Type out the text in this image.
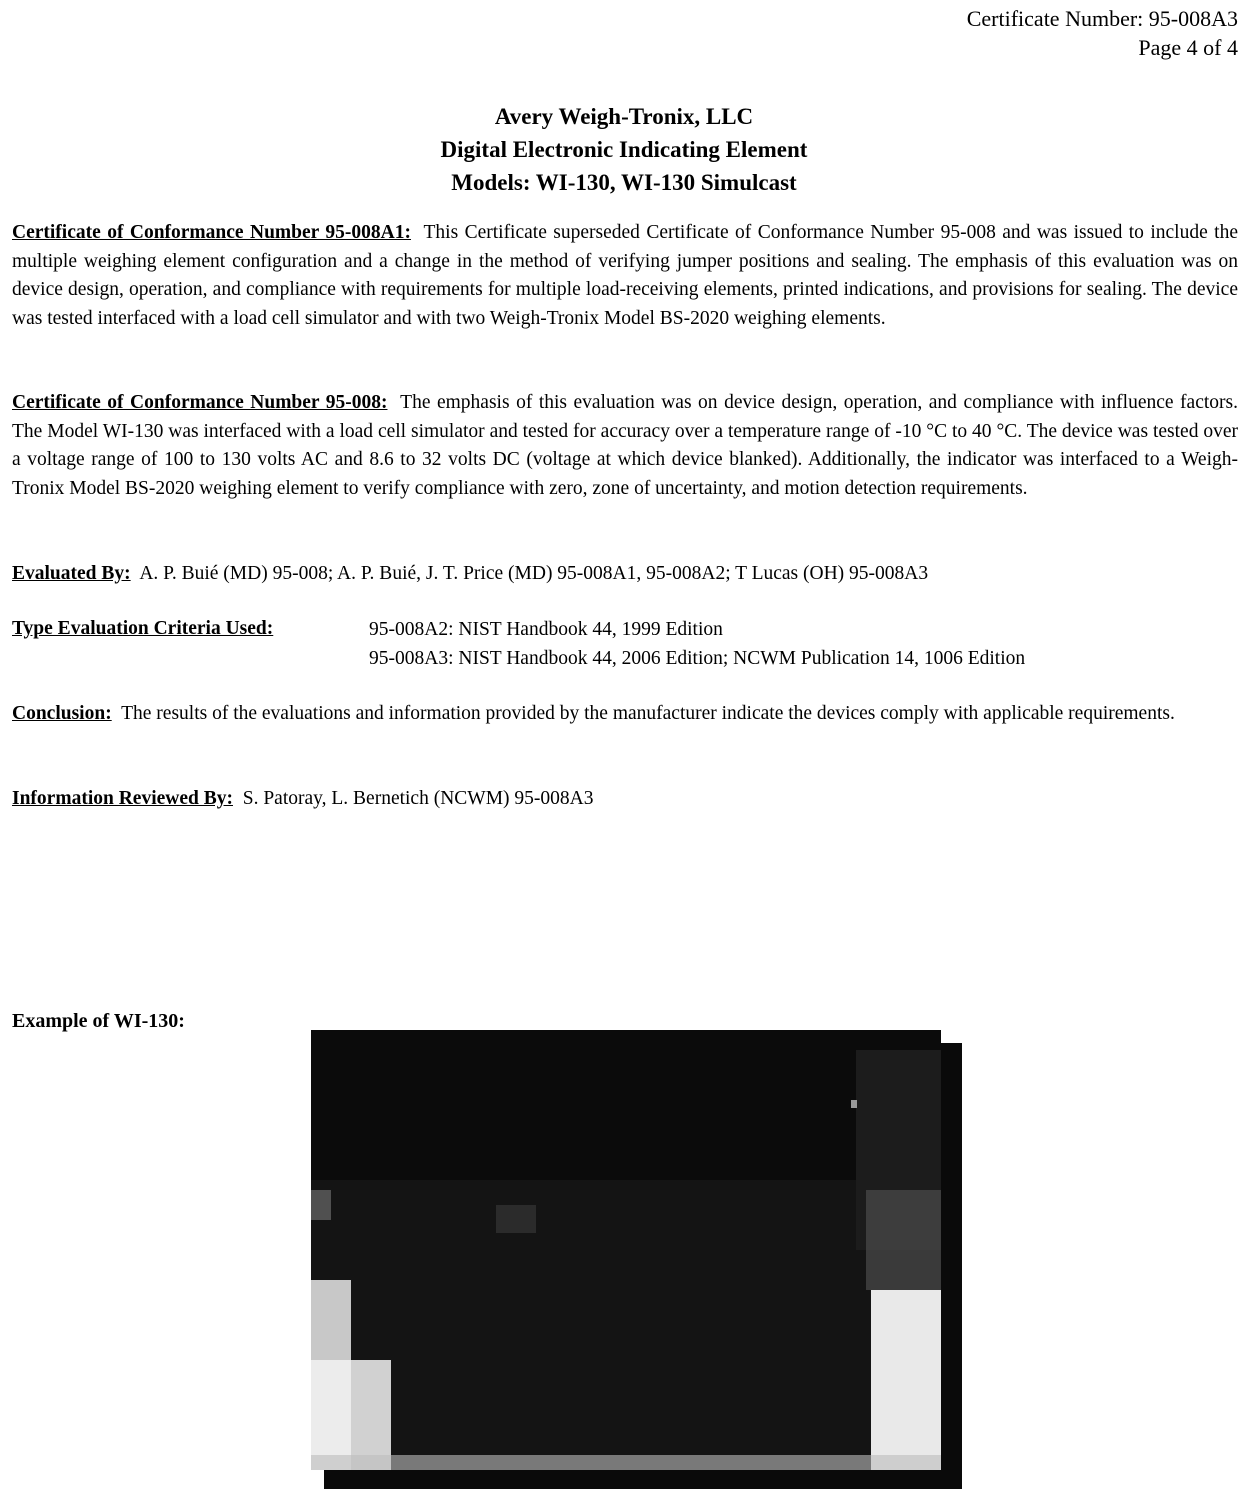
Certificate Number: 95-008A3
Page 4 of 4
Avery Weigh-Tronix, LLC
Digital Electronic Indicating Element
Models: WI-130, WI-130 Simulcast
Certificate of Conformance Number 95-008A1: This Certificate superseded Certificate of Conformance Number 95-008 and was issued to include the multiple weighing element configuration and a change in the method of verifying jumper positions and sealing. The emphasis of this evaluation was on device design, operation, and compliance with requirements for multiple load-receiving elements, printed indications, and provisions for sealing. The device was tested interfaced with a load cell simulator and with two Weigh-Tronix Model BS-2020 weighing elements.
Certificate of Conformance Number 95-008: The emphasis of this evaluation was on device design, operation, and compliance with influence factors. The Model WI-130 was interfaced with a load cell simulator and tested for accuracy over a temperature range of -10 °C to 40 °C. The device was tested over a voltage range of 100 to 130 volts AC and 8.6 to 32 volts DC (voltage at which device blanked). Additionally, the indicator was interfaced to a Weigh-Tronix Model BS-2020 weighing element to verify compliance with zero, zone of uncertainty, and motion detection requirements.
Evaluated By: A. P. Buié (MD) 95-008; A. P. Buié, J. T. Price (MD) 95-008A1, 95-008A2; T Lucas (OH) 95-008A3
Type Evaluation Criteria Used:	95-008A2: NIST Handbook 44, 1999 Edition
95-008A3: NIST Handbook 44, 2006 Edition; NCWM Publication 14, 1006 Edition
Conclusion: The results of the evaluations and information provided by the manufacturer indicate the devices comply with applicable requirements.
Information Reviewed By: S. Patoray, L. Bernetich (NCWM) 95-008A3
Example of WI-130:
